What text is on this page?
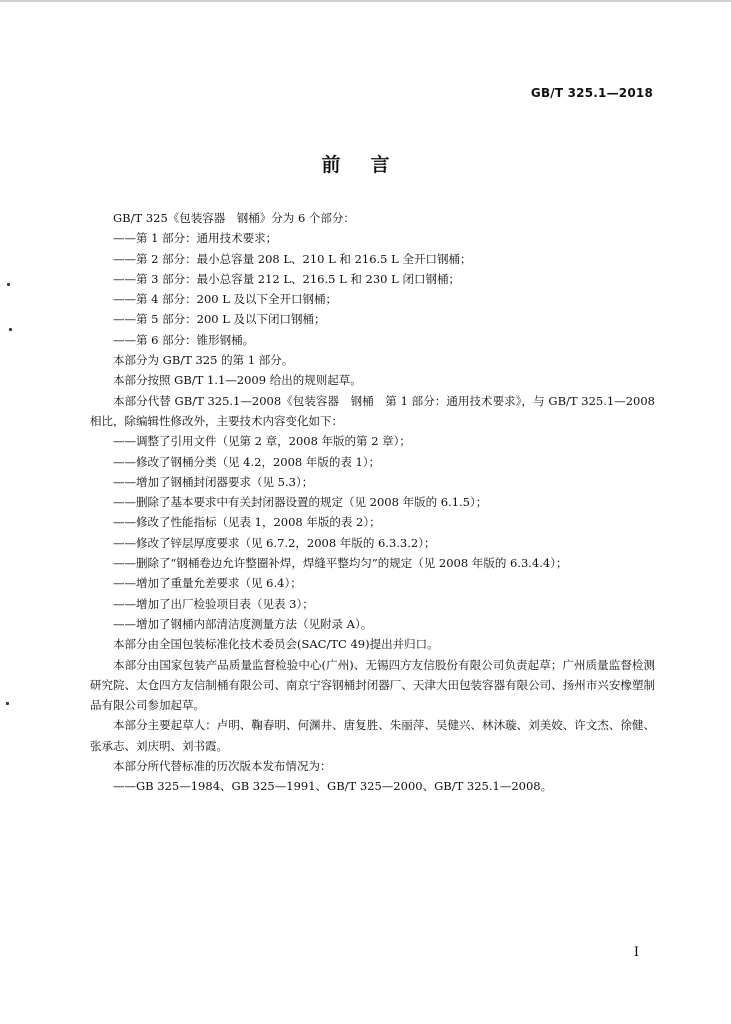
GB/T 325.1—2018
前言
GB/T 325《包装容器　钢桶》分为 6 个部分：
——第 1 部分：通用技术要求；
——第 2 部分：最小总容量 208 L、210 L 和 216.5 L 全开口钢桶；
——第 3 部分：最小总容量 212 L、216.5 L 和 230 L 闭口钢桶；
——第 4 部分：200 L 及以下全开口钢桶；
——第 5 部分：200 L 及以下闭口钢桶；
——第 6 部分：锥形钢桶。
本部分为 GB/T 325 的第 1 部分。
本部分按照 GB/T 1.1—2009 给出的规则起草。
本部分代替 GB/T 325.1—2008《包装容器　钢桶　第 1 部分：通用技术要求》，与 GB/T 325.1—2008 相比，除编辑性修改外，主要技术内容变化如下：
——调整了引用文件（见第 2 章，2008 年版的第 2 章）；
——修改了钢桶分类（见 4.2，2008 年版的表 1）；
——增加了钢桶封闭器要求（见 5.3）；
——删除了基本要求中有关封闭器设置的规定（见 2008 年版的 6.1.5）；
——修改了性能指标（见表 1，2008 年版的表 2）；
——修改了锌层厚度要求（见 6.7.2，2008 年版的 6.3.3.2）；
——删除了“钢桶卷边允许整圈补焊，焊缝平整均匀”的规定（见 2008 年版的 6.3.4.4）；
——增加了重量允差要求（见 6.4）；
——增加了出厂检验项目表（见表 3）；
——增加了钢桶内部清洁度测量方法（见附录 A）。
本部分由全国包装标准化技术委员会(SAC/TC 49)提出并归口。
本部分由国家包装产品质量监督检验中心(广州)、无锡四方友信股份有限公司负责起草；广州质量监督检测研究院、太仓四方友信制桶有限公司、南京宁容钢桶封闭器厂、天津大田包装容器有限公司、扬州市兴安橡塑制品有限公司参加起草。
本部分主要起草人：卢明、鞠春明、何渊井、唐复胜、朱丽萍、吴健兴、林沐璇、刘美姣、许文杰、徐健、张承志、刘庆明、刘书霞。
本部分所代替标准的历次版本发布情况为：
——GB 325—1984、GB 325—1991、GB/T 325—2000、GB/T 325.1—2008。
I
